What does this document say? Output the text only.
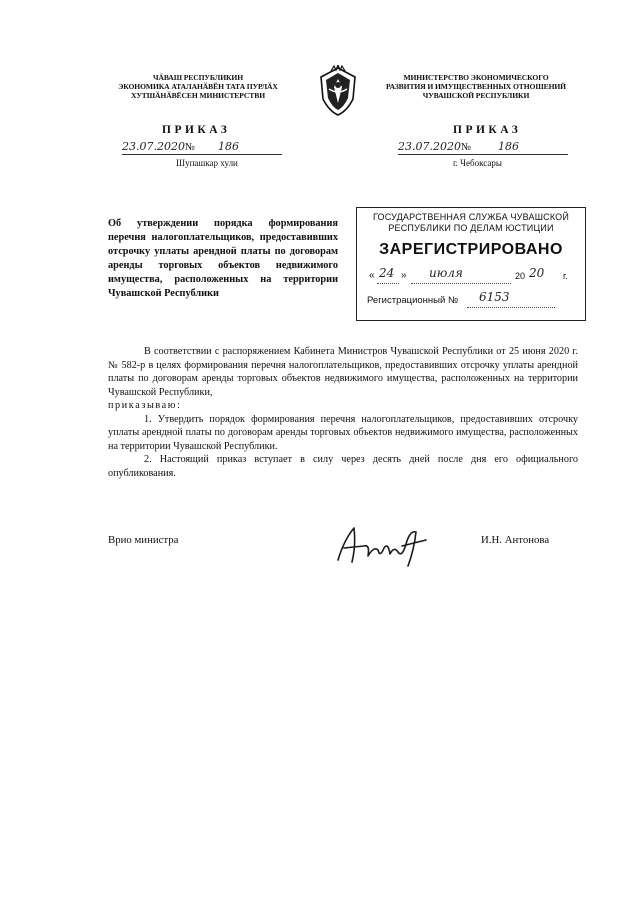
ЧӐВАШ РЕСПУБЛИКИН
ЭКОНОМИКА АТАЛАНӐВӖН ТАТА ПУРЛӐХ
ХУТШӐНӐВӖСЕН МИНИСТЕРСТВИ
МИНИСТЕРСТВО ЭКОНОМИЧЕСКОГО
РАЗВИТИЯ И ИМУЩЕСТВЕННЫХ ОТНОШЕНИЙ
ЧУВАШСКОЙ РЕСПУБЛИКИ
ПРИКАЗ	ПРИКАЗ
23.07.2020 № 186	23.07.2020 № 186
Шупашкар хули	г. Чебоксары
Об утверждении порядка формирования перечня налогоплательщиков, предоставивших отсрочку уплаты арендной платы по договорам аренды торговых объектов недвижимого имущества, расположенных на территории Чувашской Республики
ГОСУДАРСТВЕННАЯ СЛУЖБА ЧУВАШСКОЙ
РЕСПУБЛИКИ ПО ДЕЛАМ ЮСТИЦИИ
ЗАРЕГИСТРИРОВАНО
« 24 » июля	20 20 г.
Регистрационный № 6153

В соответствии с распоряжением Кабинета Министров Чувашской Республики от 25 июня 2020 г. № 582-р в целях формирования перечня налогоплательщиков, предоставивших отсрочку уплаты арендной платы по договорам аренды торговых объектов недвижимого имущества, расположенных на территории Чувашской Республики,

приказываю:

1. Утвердить порядок формирования перечня налогоплательщиков, предоставивших отсрочку уплаты арендной платы по договорам аренды торговых объектов недвижимого имущества, расположенных на территории Чувашской Республики.

2. Настоящий приказ вступает в силу через десять дней после дня его официального опубликования.

Врио министра	И.Н. Антонова
